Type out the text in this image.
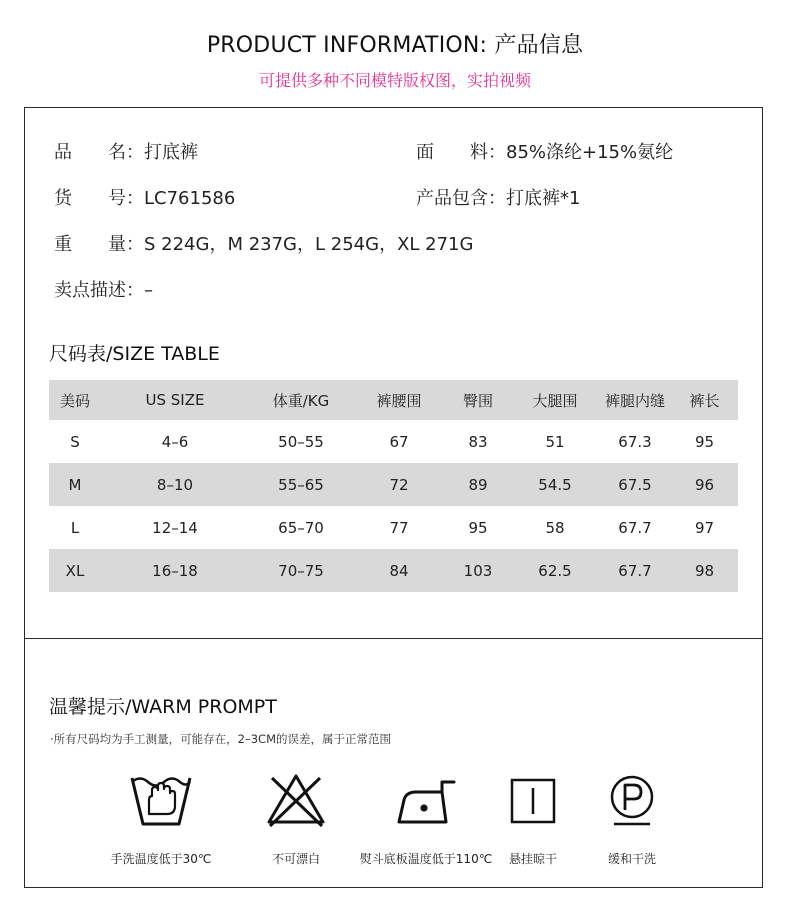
PRODUCT INFORMATION: 产品信息
可提供多种不同模特版权图，实拍视频
品　　名：打底裤	面　　料：85%涤纶+15%氨纶
货　　号：LC761586	产品包含：打底裤*1
重　　量：S 224G，M 237G，L 254G，XL 271G
卖点描述：–
尺码表/SIZE TABLE
美码	US SIZE	体重/KG	裤腰围	臀围	大腿围	裤腿内缝	裤长
S	4–6	50–55	67	83	51	67.3	95
M	8–10	55–65	72	89	54.5	67.5	96
L	12–14	65–70	77	95	58	67.7	97
XL	16–18	70–75	84	103	62.5	67.7	98
温馨提示/WARM PROMPT
·所有尺码均为手工测量，可能存在，2–3CM的误差，属于正常范围
手洗温度低于30℃	不可漂白	熨斗底板温度低于110℃	悬挂晾干	缓和干洗
